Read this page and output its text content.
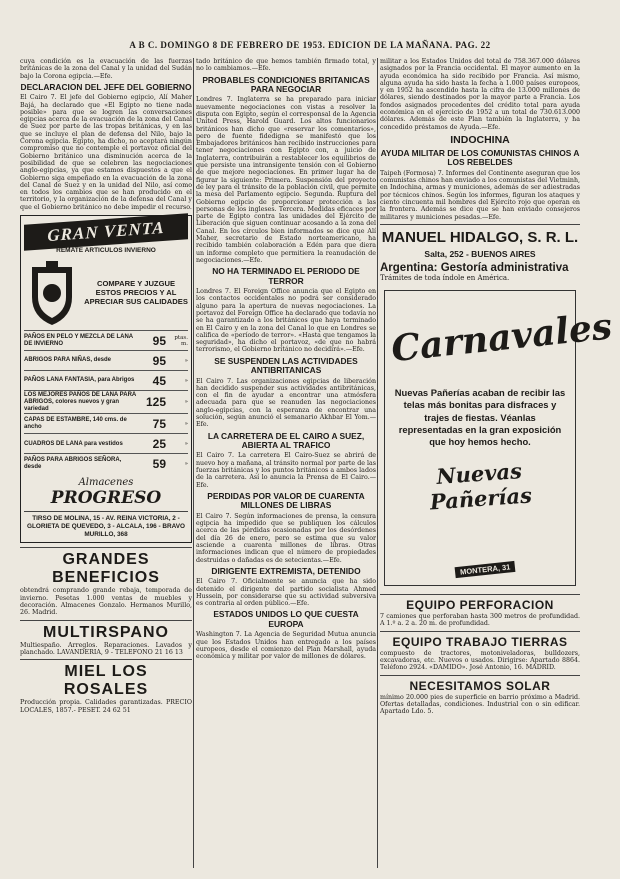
A B C. DOMINGO 8 DE FEBRERO DE 1953. EDICION DE LA MAÑANA. PAG. 22

cuya condición es la evacuación de las fuerzas británicas de la zona del Canal y la unidad del Sudán bajo la Corona egipcia.—Efe.

DECLARACION DEL JEFE DEL GOBIERNO

El Cairo 7. El jefe del Gobierno egipcio, Alí Maher Bajá, ha declarado que «El Egipto no tiene nada posible» para que se logren las conversaciones egipcias acerca de la evacuación de la zona del Canal de Suez por parte de las tropas británicas, y en las que se incluye el plan de defensa del Nilo, bajo la Corona egipcia. Egipto, ha dicho, no aceptará ningún compromiso que no contemple el portavoz oficial del Gobierno británico una disminución acerca de la posibilidad de que se celebren las negociaciones anglo-egipcias, ya que estamos dispuestos a que el Gobierno siga empeñado en la evacuación de la zona del Canal de Suez y en la unidad del Nilo, así como en todos los cambios que se han producido en el territorio, y la organización de la defensa del Canal y que el Gobierno británico no debe impedir el recurso.

GRAN VENTA
REMATE ARTICULOS INVIERNO
COMPARE Y JUZGUE ESTOS PRECIOS Y AL APRECIAR SUS CALIDADES
PAÑOS EN PELO Y MEZCLA DE LANA DE INVIERNO	95	ptas. m.
ABRIGOS PARA NIÑAS, desde	95	»
PAÑOS LANA FANTASIA, para Abrigos	45	»
LOS MEJORES PAÑOS DE LANA PARA ABRIGOS, colores nuevos y gran variedad	125	»
CAPAS DE ESTAMBRE, 140 cms. de ancho	75	»
CUADROS DE LANA para vestidos	25	»
PAÑOS PARA ABRIGOS SEÑORA, desde	59	»
Almacenes
PROGRESO
TIRSO DE MOLINA, 15 - AV. REINA VICTORIA, 2 - GLORIETA DE QUEVEDO, 3 - ALCALA, 196 - BRAVO MURILLO, 368
GRANDES BENEFICIOS

obtendrá comprando grande rebaja, temporada de invierno. Pesetas 1.000 ventas de muebles y decoración. Almacenes Gonzalo. Hermanos Murillo, 26. Madrid.

MULTIRSPANO

Multiespaño. Arreglos. Reparaciones. Lavados y planchado. LAVANDERIA, 9 - TELEFONO 21 16 13

MIEL LOS ROSALES

Producción propia. Calidades garantizadas. PRECIO LOCALES, 1857.- PESET. 24 62 51

tado británico de que hemos también firmado total, y no lo cambiamos.—Efe.

PROBABLES CONDICIONES BRITANICAS PARA NEGOCIAR

Londres 7. Inglaterra se ha preparado para iniciar nuevamente negociaciones con vistas a resolver la disputa con Egipto, según el corresponsal de la Agencia United Press, Harold Guard. Los altos funcionarios británicos han dicho que «reservar los comentarios», pero de fuente fidedigna se manifestó que los Embajadores británicos han recibido instrucciones para tener negociaciones con Egipto con, a juicio de Inglaterra, contribuirán a restablecer los equilibrios de que persiste una intransigente tensión con el Gobierno de que mejore negociaciones. En primer lugar ha de figurar la siguiente: Primera. Suspensión del proyecto de ley para el tránsito de la población civil, que permite la mesa del Parlamento egipcio. Segunda. Ruptura del Gobierno egipcio de proporcionar protección a las personas de los ingleses. Tercera. Medidas eficaces por parte de Egipto contra las unidades del Ejército de Liberación que siguen continuar acosando a la zona del Canal. En los círculos bien informados se dice que Alí Maher, secretario de Estado norteamericano, ha recibido también colaboración a Edén para que diera un informe completo que permitiera la reanudación de negociaciones.—Efe.

NO HA TERMINADO EL PERIODO DE TERROR

Londres 7. El Foreign Office anuncia que el Egipto en los contactos occidentales no podrá ser considerado alguno para la apertura de nuevas negociaciones. La portavoz del Foreign Office ha declarado que todavía no se ha garantizado a los británicos que haya terminado en El Cairo y en la zona del Canal lo que en Londres se califica de «período de terror». «Hasta que tengamos la seguridad», ha dicho el portavoz, «de que no habrá terrorismo, el Gobierno británico no decidirá».—Efe.

SE SUSPENDEN LAS ACTIVIDADES ANTIBRITANICAS

El Cairo 7. Las organizaciones egipcias de liberación han decidido suspender sus actividades antibritánicas, con el fin de ayudar a encontrar una atmósfera adecuada para que se reanuden las negociaciones anglo-egipcias, con la esperanza de encontrar una solución, según anunció el semanario Akhbar El Yom.—Efe.

LA CARRETERA DE EL CAIRO A SUEZ, ABIERTA AL TRAFICO

El Cairo 7. La carretera El Cairo-Suez se abrirá de nuevo hoy a mañana, al tránsito normal por parte de las fuerzas británicas y los puntos británicos a ambos lados de la carretera. Así lo anuncia la Prensa de El Cairo.—Efe.

PERDIDAS POR VALOR DE CUARENTA MILLONES DE LIBRAS

El Cairo 7. Según informaciones de prensa, la censura egipcia ha impedido que se publiquen los cálculos acerca de las pérdidas ocasionadas por los desórdenes del día 26 de enero, pero se estima que su valor asciende a cuarenta millones de libras. Otras informaciones indican que el número de propiedades destruidas o dañadas es de setecientas.—Efe.

DIRIGENTE EXTREMISTA, DETENIDO

El Cairo 7. Oficialmente se anuncia que ha sido detenido el dirigente del partido socialista Ahmed Hussein, por considerarse que su actividad subversiva es contraria al orden público.—Efe.

ESTADOS UNIDOS LO QUE CUESTA EUROPA

Washington 7. La Agencia de Seguridad Mutua anuncia que los Estados Unidos han entregado a los países europeos, desde el comienzo del Plan Marshall, ayuda económica y militar por valor de millones de dólares.

militar a los Estados Unidos del total de 758.367.000 dólares asignados por la Francia occidental. El mayor aumento en la ayuda económica ha sido recibido por Francia. Así mismo, alguna ayuda ha sido hasta la fecha a 1.000 países europeos, y en 1952 ha ascendido hasta la cifra de 13.000 millones de dólares, siendo destinados por la mayor parte a Francia. Los fondos asignados procedentes del crédito total para ayuda económica en el ejercicio de 1952 a un total de 730.613.000 dólares. Además de este Plan también la Inglaterra, y ha concedido préstamos de Ayuda.—Efe.

INDOCHINA
AYUDA MILITAR DE LOS COMUNISTAS CHINOS A LOS REBELDES

Taipeh (Formosa) 7. Informes del Continente aseguran que los comunistas chinos han enviado a los comunistas del Vietminh, en Indochina, armas y municiones, además de ser adiestradas por técnicos chinos. Según los informes, figuran los ataques y ciento cincuenta mil hombres del Ejército rojo que operan en la frontera. Además se dice que se han enviado consejeros militares y municiones pesadas.—Efe.

MANUEL HIDALGO, S. R. L.
Salta, 252 - BUENOS AIRES
Argentina: Gestoría administrativa

Trámites de toda índole en América.

Carnavales
Nuevas Pañerías acaban de recibir las telas más bonitas para disfraces y trajes de fiestas. Véanlas representadas en la gran exposición que hoy hemos hecho.
Nuevas Pañerías
MONTERA, 31
EQUIPO PERFORACION

7 camiones que perforaban hasta 300 metros de profundidad. A 1.º a. 2 a. 20 m. de profundidad.

EQUIPO TRABAJO TIERRAS

compuesto de tractores, motoniveladoras, bulldozers, excavadoras, etc. Nuevos o usados. Dirigirse: Apartado 8864. Teléfono 2924. «DAMIDO». José Antonio, 16. MADRID.

NECESITAMOS SOLAR

mínimo 20.000 pies de superficie en barrio próximo a Madrid. Ofertas detalladas, condiciones. Industrial con o sin edificar. Apartado Ldo. 5.
